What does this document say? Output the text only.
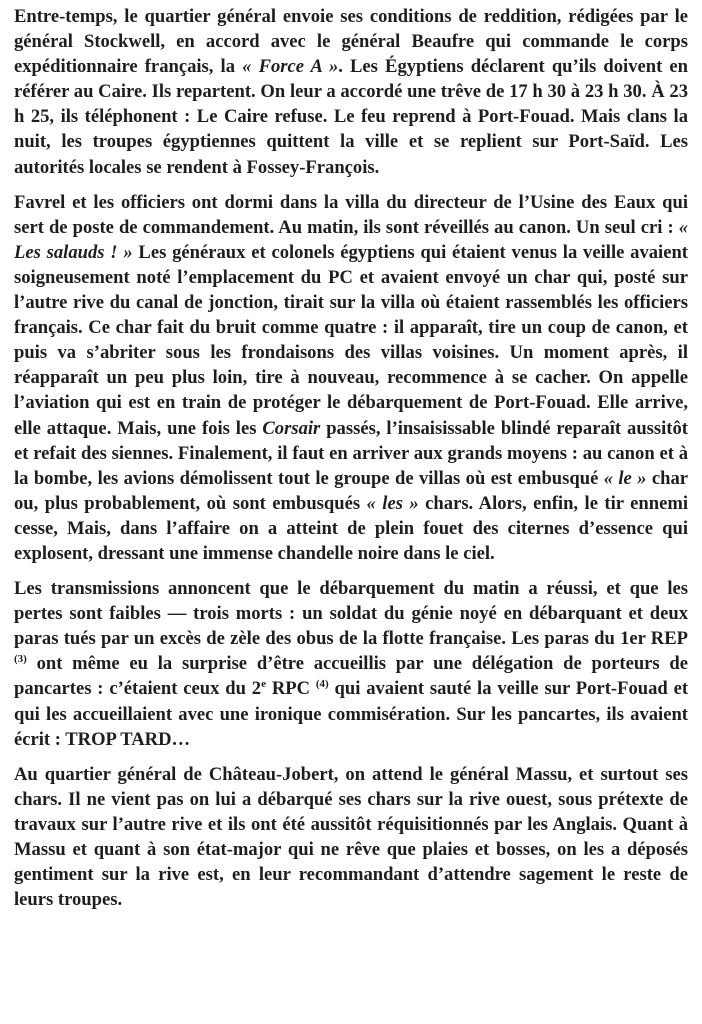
Entre-temps, le quartier général envoie ses conditions de reddition, rédigées par le général Stockwell, en accord avec le général Beaufre qui commande le corps expéditionnaire français, la « Force A ». Les Égyptiens déclarent qu’ils doivent en référer au Caire. Ils repartent. On leur a accordé une trêve de 17 h 30 à 23 h 30. À 23 h 25, ils téléphonent : Le Caire refuse. Le feu reprend à Port-Fouad. Mais clans la nuit, les troupes égyptiennes quittent la ville et se replient sur Port-Saïd. Les autorités locales se rendent à Fossey-François.

Favrel et les officiers ont dormi dans la villa du directeur de l’Usine des Eaux qui sert de poste de commandement. Au matin, ils sont réveillés au canon. Un seul cri : « Les salauds ! » Les généraux et colonels égyptiens qui étaient venus la veille avaient soigneusement noté l’emplacement du PC et avaient envoyé un char qui, posté sur l’autre rive du canal de jonction, tirait sur la villa où étaient rassemblés les officiers français. Ce char fait du bruit comme quatre : il apparaît, tire un coup de canon, et puis va s’abriter sous les frondaisons des villas voisines. Un moment après, il réapparaît un peu plus loin, tire à nouveau, recommence à se cacher. On appelle l’aviation qui est en train de protéger le débarquement de Port-Fouad. Elle arrive, elle attaque. Mais, une fois les Corsair passés, l’insaisissable blindé reparaît aussitôt et refait des siennes. Finalement, il faut en arriver aux grands moyens : au canon et à la bombe, les avions démolissent tout le groupe de villas où est embusqué « le » char ou, plus probablement, où sont embusqués « les » chars. Alors, enfin, le tir ennemi cesse, Mais, dans l’affaire on a atteint de plein fouet des citernes d’essence qui explosent, dressant une immense chandelle noire dans le ciel.

Les transmissions annoncent que le débarquement du matin a réussi, et que les pertes sont faibles — trois morts : un soldat du génie noyé en débarquant et deux paras tués par un excès de zèle des obus de la flotte française. Les paras du 1er REP $^{(3)}$ ont même eu la surprise d’être accueillis par une délégation de porteurs de pancartes : c’étaient ceux du 2e RPC $^{(4)}$ qui avaient sauté la veille sur Port-Fouad et qui les accueillaient avec une ironique commisération. Sur les pancartes, ils avaient écrit : TROP TARD…

Au quartier général de Château-Jobert, on attend le général Massu, et surtout ses chars. Il ne vient pas on lui a débarqué ses chars sur la rive ouest, sous prétexte de travaux sur l’autre rive et ils ont été aussitôt réquisitionnés par les Anglais. Quant à Massu et quant à son état-major qui ne rêve que plaies et bosses, on les a déposés gentiment sur la rive est, en leur recommandant d’attendre sagement le reste de leurs troupes.
